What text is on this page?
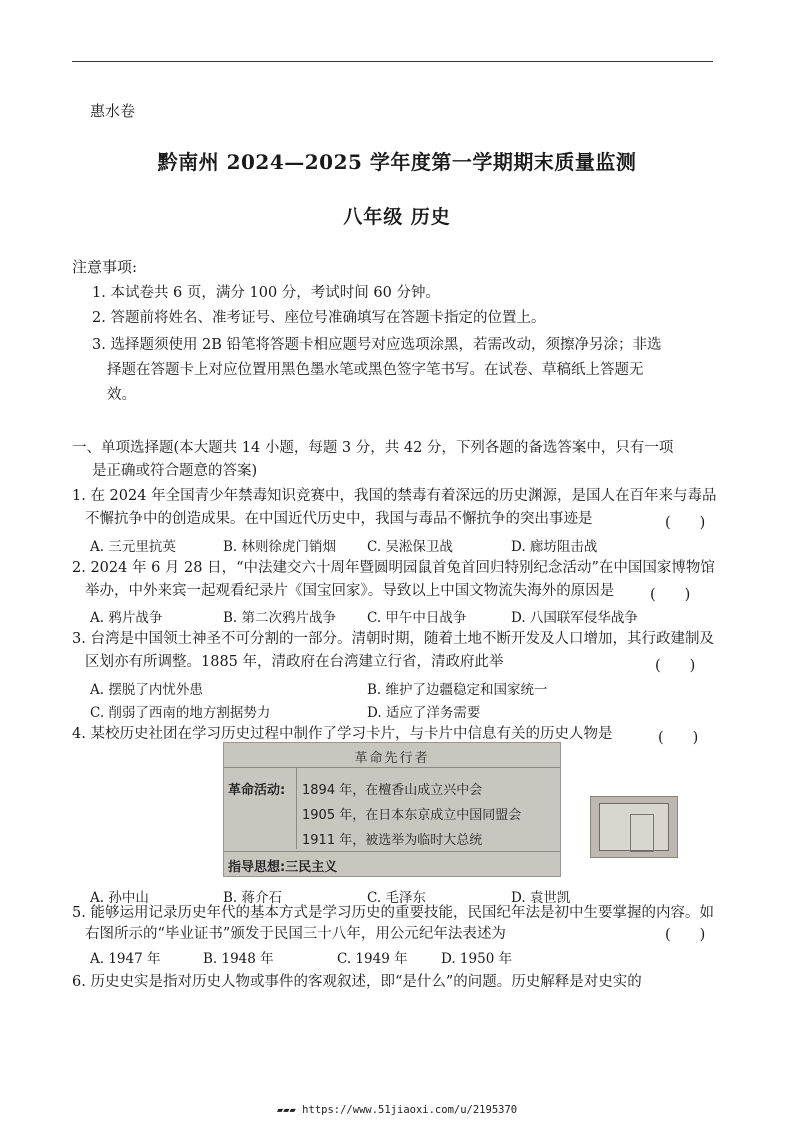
惠水卷
黔南州 2024—2025 学年度第一学期期末质量监测
八年级 历史
注意事项:
1. 本试卷共 6 页，满分 100 分，考试时间 60 分钟。
2. 答题前将姓名、准考证号、座位号准确填写在答题卡指定的位置上。
3. 选择题须使用 2B 铅笔将答题卡相应题号对应选项涂黑，若需改动，须擦净另涂；非选
择题在答题卡上对应位置用黑色墨水笔或黑色签字笔书写。在试卷、草稿纸上答题无
效。
一、单项选择题(本大题共 14 小题，每题 3 分，共 42 分，下列各题的备选答案中，只有一项
是正确或符合题意的答案)
1. 在 2024 年全国青少年禁毒知识竞赛中，我国的禁毒有着深远的历史渊源，是国人在百年来与毒品
不懈抗争中的创造成果。在中国近代历史中，我国与毒品不懈抗争的突出事迹是	(　　)
A. 三元里抗英	B. 林则徐虎门销烟 C. 吴淞保卫战	D. 廊坊阻击战
2. 2024 年 6 月 28 日，“中法建交六十周年暨圆明园鼠首兔首回归特别纪念活动”在中国国家博物馆
举办，中外来宾一起观看纪录片《国宝回家》。导致以上中国文物流失海外的原因是 (　　)
A. 鸦片战争	B. 第二次鸦片战争 C. 甲午中日战争	D. 八国联军侵华战争
3. 台湾是中国领土神圣不可分割的一部分。清朝时期，随着土地不断开发及人口增加，其行政建制及
区划亦有所调整。1885 年，清政府在台湾建立行省，清政府此举	(　　)
A. 摆脱了内忧外患	B. 维护了边疆稳定和国家统一
C. 削弱了西南的地方割据势力	D. 适应了洋务需要
4. 某校历史社团在学习历史过程中制作了学习卡片，与卡片中信息有关的历史人物是	(　　)
革命先行者
革命活动: 1894 年，在檀香山成立兴中会
1905 年，在日本东京成立中国同盟会
1911 年，被选举为临时大总统
指导思想:三民主义
A. 孙中山	B. 蒋介石	C. 毛泽东	D. 袁世凯
5. 能够运用记录历史年代的基本方式是学习历史的重要技能，民国纪年法是初中生要掌握的内容。如
右图所示的“毕业证书”颁发于民国三十八年，用公元纪年法表述为	(　　)
A. 1947 年	B. 1948 年	C. 1949 年 D. 1950 年
6. 历史史实是指对历史人物或事件的客观叙述，即“是什么”的问题。历史解释是对史实的
▰▰▰ https://www.51jiaoxi.com/u/2195370
